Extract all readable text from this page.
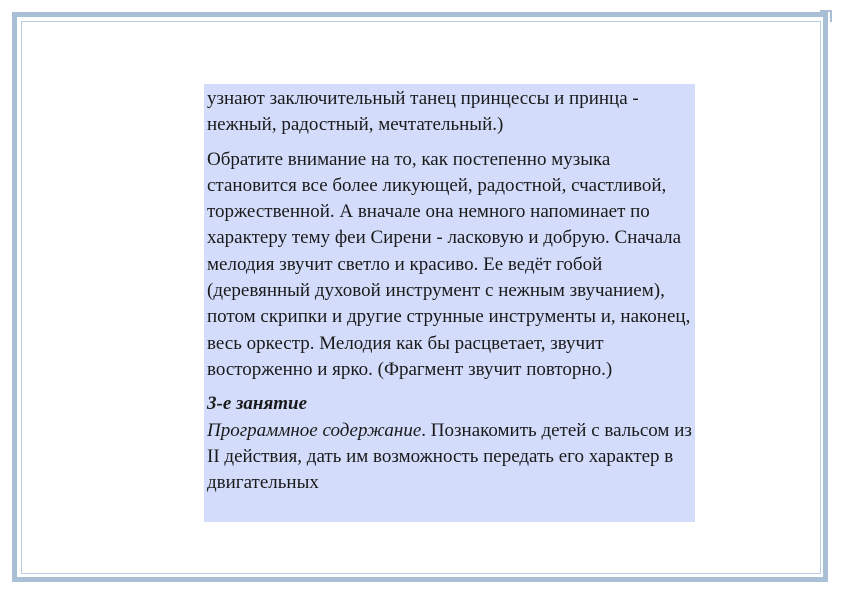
узнают заключительный танец принцессы и принца - нежный, радостный, мечтательный.)

Обратите внимание на то, как постепенно музыка становится все более ликующей, радостной, счастливой, торжественной. А вначале она немного напоминает по характеру тему феи Сирени - ласковую и добрую. Сначала мелодия звучит светло и красиво. Ее ведёт гобой (деревянный духовой инструмент с нежным звучанием), потом скрипки и другие струнные инструменты и, наконец, весь оркестр. Мелодия как бы расцветает, звучит восторженно и ярко. (Фрагмент звучит повторно.)

3-е занятие
Программное содержание. Познакомить детей с вальсом из II действия, дать им возможность передать его характер в двигательных
